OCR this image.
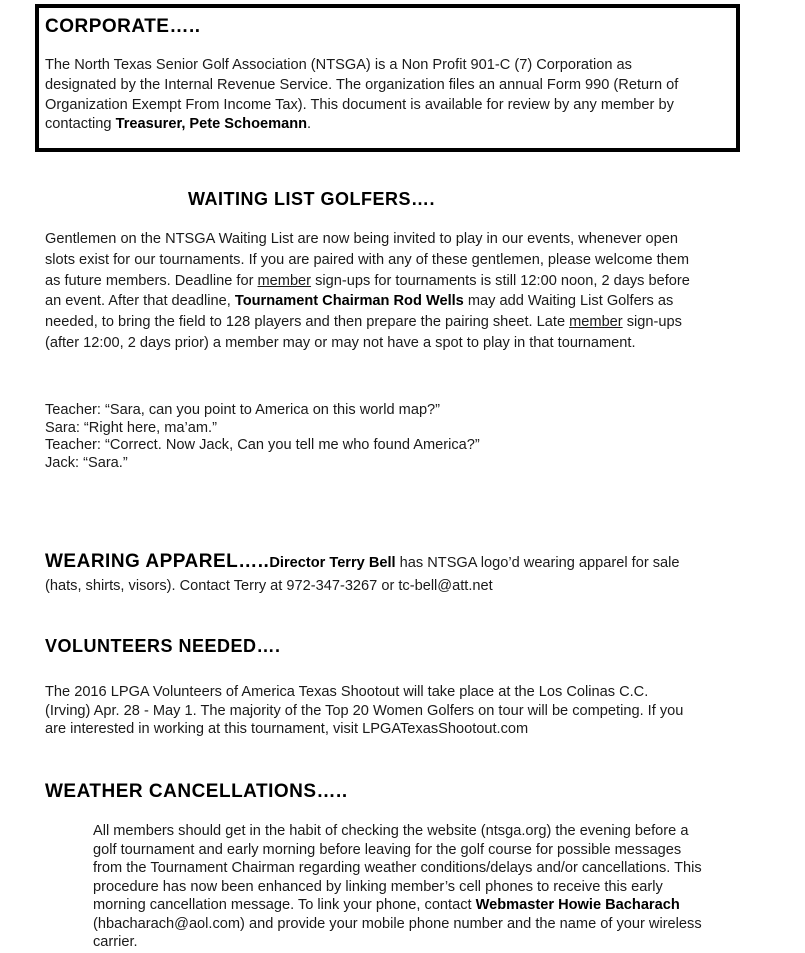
CORPORATE…..
The North Texas Senior Golf Association (NTSGA) is a Non Profit 901-C (7) Corporation as
designated by the Internal Revenue Service. The organization files an annual Form 990 (Return of
Organization Exempt From Income Tax). This document is available for review by any member by
contacting Treasurer, Pete Schoemann.
WAITING LIST GOLFERS….
Gentlemen on the NTSGA Waiting List are now being invited to play in our events, whenever open
slots exist for our tournaments. If you are paired with any of these gentlemen, please welcome them
as future members. Deadline for member sign-ups for tournaments is still 12:00 noon, 2 days before
an event. After that deadline, Tournament Chairman Rod Wells may add Waiting List Golfers as
needed, to bring the field to 128 players and then prepare the pairing sheet. Late member sign-ups
(after 12:00, 2 days prior) a member may or may not have a spot to play in that tournament.
Teacher: “Sara, can you point to America on this world map?”
Sara: “Right here, ma’am.”
Teacher: “Correct. Now Jack, Can you tell me who found America?”
Jack: “Sara.”
WEARING APPAREL…..Director Terry Bell has NTSGA logo’d wearing apparel for sale
(hats, shirts, visors). Contact Terry at 972-347-3267 or tc-bell@att.net
VOLUNTEERS NEEDED….
The 2016 LPGA Volunteers of America Texas Shootout will take place at the Los Colinas C.C.
(Irving) Apr. 28 - May 1. The majority of the Top 20 Women Golfers on tour will be competing. If you
are interested in working at this tournament, visit LPGATexasShootout.com
WEATHER CANCELLATIONS…..
All members should get in the habit of checking the website (ntsga.org) the evening before a
golf tournament and early morning before leaving for the golf course for possible messages
from the Tournament Chairman regarding weather conditions/delays and/or cancellations. This
procedure has now been enhanced by linking member’s cell phones to receive this early
morning cancellation message. To link your phone, contact Webmaster Howie Bacharach
(hbacharach@aol.com) and provide your mobile phone number and the name of your wireless
carrier.
